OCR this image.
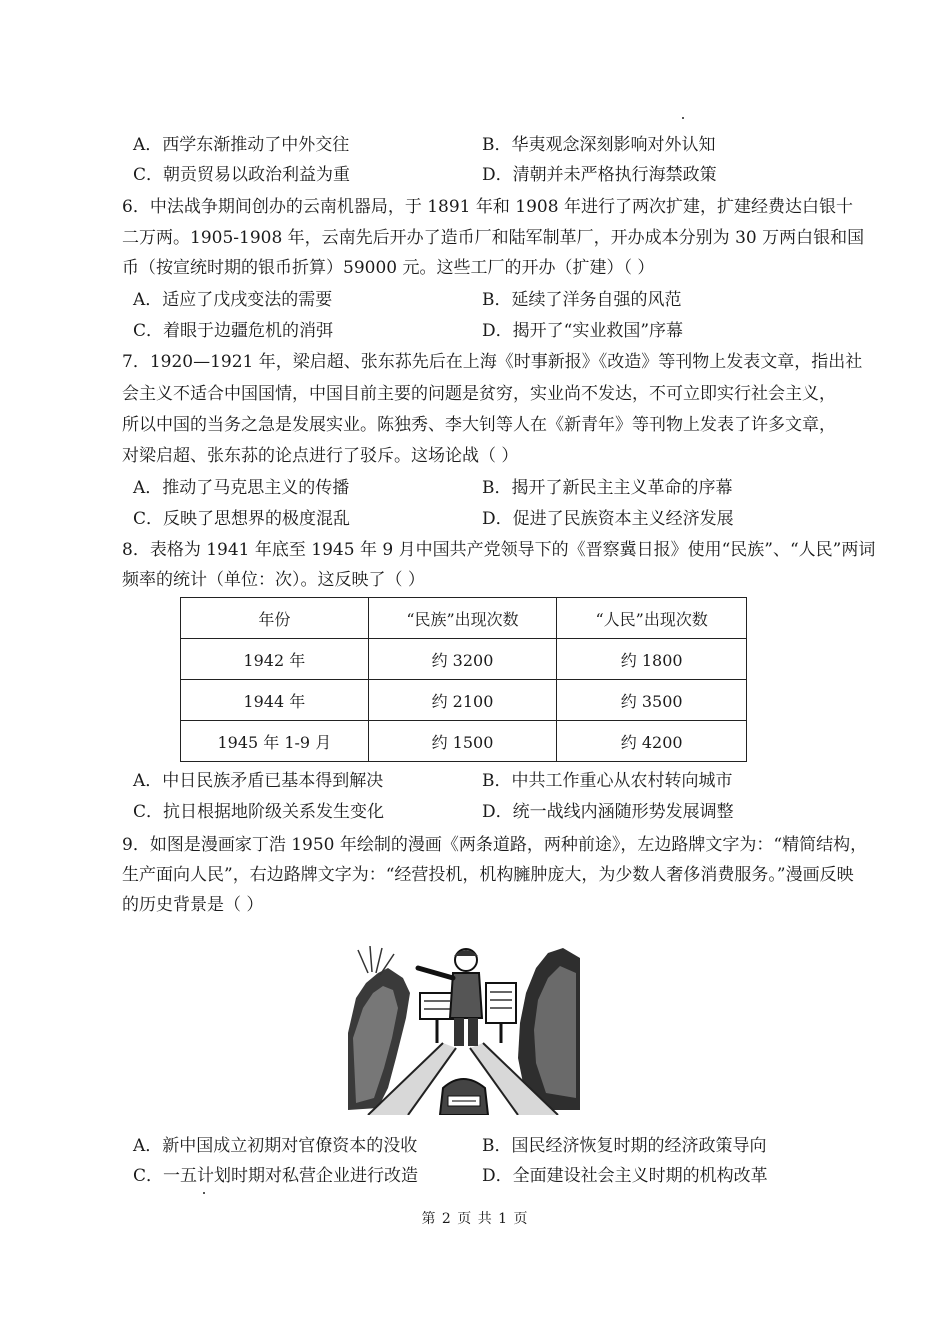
A．西学东渐推动了中外交往	B．华夷观念深刻影响对外认知
C．朝贡贸易以政治利益为重	D．清朝并未严格执行海禁政策
6．中法战争期间创办的云南机器局，于 1891 年和 1908 年进行了两次扩建，扩建经费达白银十
二万两。1905-1908 年，云南先后开办了造币厂和陆军制革厂，开办成本分别为 30 万两白银和国
币（按宣统时期的银币折算）59000 元。这些工厂的开办（扩建）（ ）
A．适应了戊戌变法的需要	B．延续了洋务自强的风范
C．着眼于边疆危机的消弭	D．揭开了“实业救国”序幕
7．1920—1921 年，梁启超、张东荪先后在上海《时事新报》《改造》等刊物上发表文章，指出社
会主义不适合中国国情，中国目前主要的问题是贫穷，实业尚不发达，不可立即实行社会主义，
所以中国的当务之急是发展实业。陈独秀、李大钊等人在《新青年》等刊物上发表了许多文章，
对梁启超、张东荪的论点进行了驳斥。这场论战（ ）
A．推动了马克思主义的传播	B．揭开了新民主主义革命的序幕
C．反映了思想界的极度混乱	D．促进了民族资本主义经济发展
8．表格为 1941 年底至 1945 年 9 月中国共产党领导下的《晋察冀日报》使用“民族”、“人民”两词
频率的统计（单位：次）。这反映了（ ）
年份	“民族”出现次数	“人民”出现次数
1942 年	约 3200	约 1800
1944 年	约 2100	约 3500
1945 年 1-9 月	约 1500	约 4200
A．中日民族矛盾已基本得到解决	B．中共工作重心从农村转向城市
C．抗日根据地阶级关系发生变化	D．统一战线内涵随形势发展调整
9．如图是漫画家丁浩 1950 年绘制的漫画《两条道路，两种前途》，左边路牌文字为：“精简结构，
生产面向人民”，右边路牌文字为：“经营投机，机构臃肿庞大，为少数人奢侈消费服务。”漫画反映
的历史背景是（ ）
A．新中国成立初期对官僚资本的没收	B．国民经济恢复时期的经济政策导向
C．一五计划时期对私营企业进行改造	D．全面建设社会主义时期的机构改革
第 2 页 共 1 页
